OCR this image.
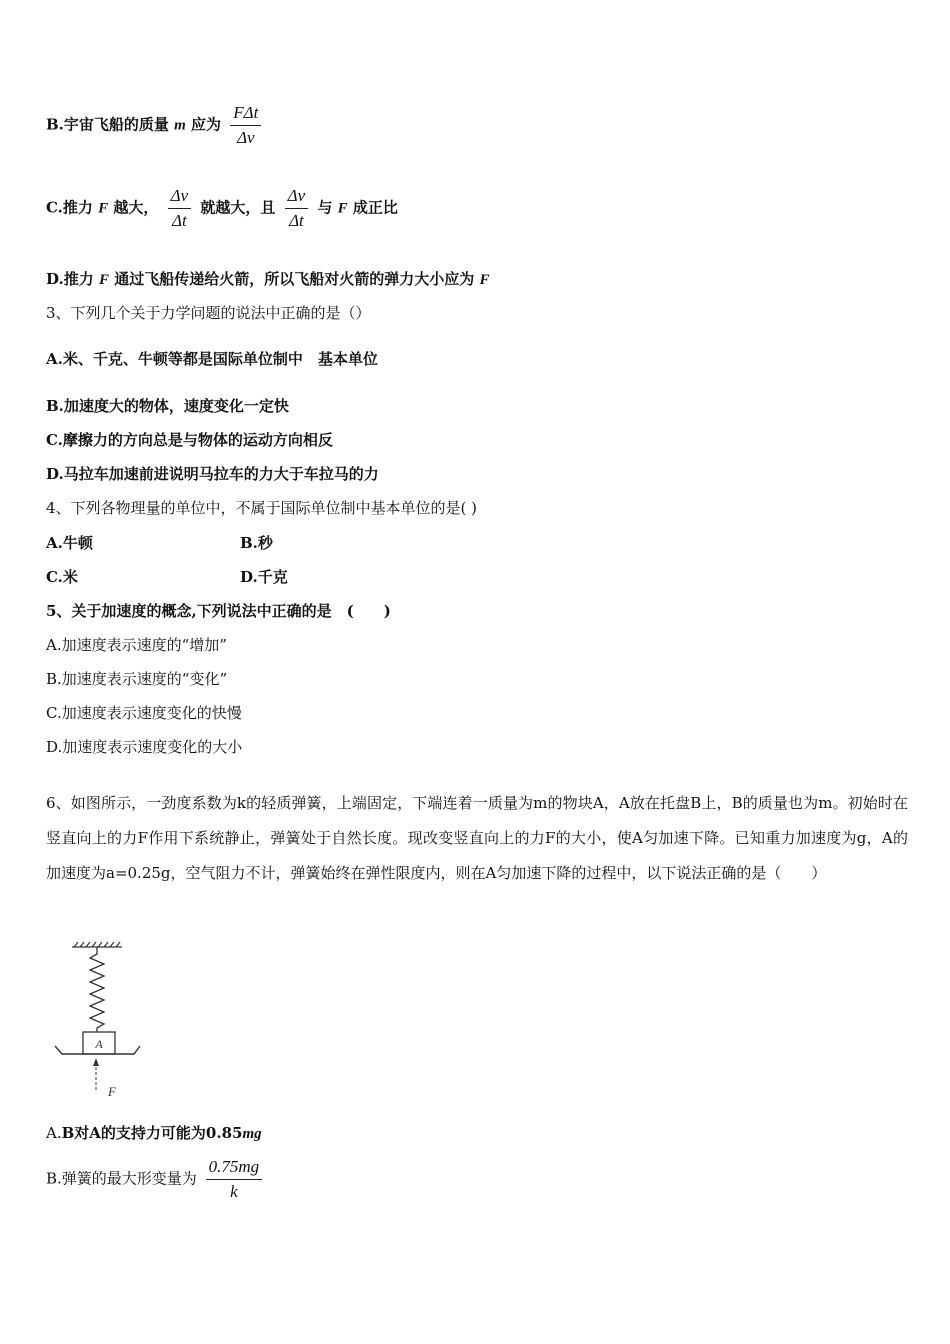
B.宇宙飞船的质量 m 应为 $\frac{\text{FΔt}}{\Delta v}$
C.推力 F 越大， $\frac{\Delta v}{\Delta t}$ 就越大，且 $\frac{\Delta v}{\Delta t}$ 与 F 成正比
D.推力 F 通过飞船传递给火箭，所以飞船对火箭的弹力大小应为 F
3、下列几个关于力学问题的说法中正确的是（）
A.米、千克、牛顿等都是国际单位制中　基本单位
B.加速度大的物体，速度变化一定快
C.摩擦力的方向总是与物体的运动方向相反
D.马拉车加速前进说明马拉车的力大于车拉马的力
4、下列各物理量的单位中，不属于国际单位制中基本单位的是( )
A.牛顿	B.秒
C.米	D.千克
5、关于加速度的概念,下列说法中正确的是　(　　)
A.加速度表示速度的“增加”
B.加速度表示速度的“变化”
C.加速度表示速度变化的快慢
D.加速度表示速度变化的大小
6、如图所示，一劲度系数为k的轻质弹簧，上端固定，下端连着一质量为m的物块A，A放在托盘B上，B的质量也为m。初始时在竖直向上的力F作用下系统静止，弹簧处于自然长度。现改变竖直向上的力F的大小，使A匀加速下降。已知重力加速度为g，A的加速度为a=0.25g，空气阻力不计，弹簧始终在弹性限度内，则在A匀加速下降的过程中，以下说法正确的是（　　）
A
F
A.B对A的支持力可能为0.85mg
B.弹簧的最大形变量为 $\frac{0.75mg}{k}$
